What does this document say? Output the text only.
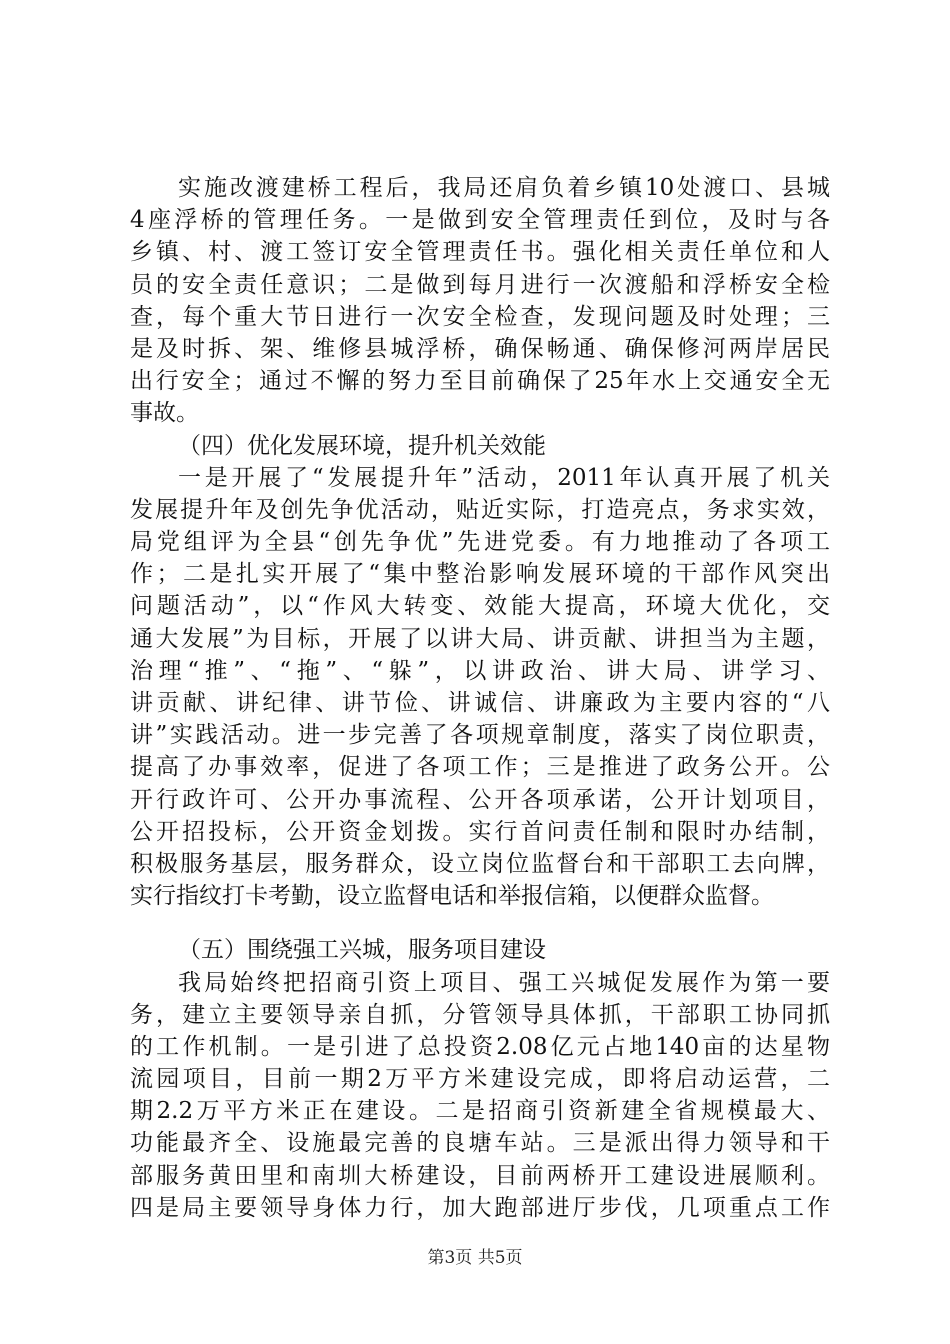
实施改渡建桥工程后，我局还肩负着乡镇10处渡口、县城
4座浮桥的管理任务。一是做到安全管理责任到位，及时与各
乡镇、村、渡工签订安全管理责任书。强化相关责任单位和人
员的安全责任意识；二是做到每月进行一次渡船和浮桥安全检
查，每个重大节日进行一次安全检查，发现问题及时处理；三
是及时拆、架、维修县城浮桥，确保畅通、确保修河两岸居民
出行安全；通过不懈的努力至目前确保了25年水上交通安全无
事故。
（四）优化发展环境，提升机关效能
一是开展了“发展提升年”活动，2011年认真开展了机关
发展提升年及创先争优活动，贴近实际，打造亮点，务求实效，
局党组评为全县“创先争优”先进党委。有力地推动了各项工
作；二是扎实开展了“集中整治影响发展环境的干部作风突出
问题活动”，以“作风大转变、效能大提高，环境大优化，交
通大发展”为目标，开展了以讲大局、讲贡献、讲担当为主题，
治理“推”、“拖”、“躲”，以讲政治、讲大局、讲学习、
讲贡献、讲纪律、讲节俭、讲诚信、讲廉政为主要内容的“八
讲”实践活动。进一步完善了各项规章制度，落实了岗位职责，
提高了办事效率，促进了各项工作；三是推进了政务公开。公
开行政许可、公开办事流程、公开各项承诺，公开计划项目，
公开招投标，公开资金划拨。实行首问责任制和限时办结制，
积极服务基层，服务群众，设立岗位监督台和干部职工去向牌，
实行指纹打卡考勤，设立监督电话和举报信箱，以便群众监督。
（五）围绕强工兴城，服务项目建设
我局始终把招商引资上项目、强工兴城促发展作为第一要
务，建立主要领导亲自抓，分管领导具体抓，干部职工协同抓
的工作机制。一是引进了总投资2.08亿元占地140亩的达星物
流园项目，目前一期2万平方米建设完成，即将启动运营，二
期2.2万平方米正在建设。二是招商引资新建全省规模最大、
功能最齐全、设施最完善的良塘车站。三是派出得力领导和干
部服务黄田里和南圳大桥建设，目前两桥开工建设进展顺利。
四是局主要领导身体力行，加大跑部进厅步伐，几项重点工作
第3页 共5页
